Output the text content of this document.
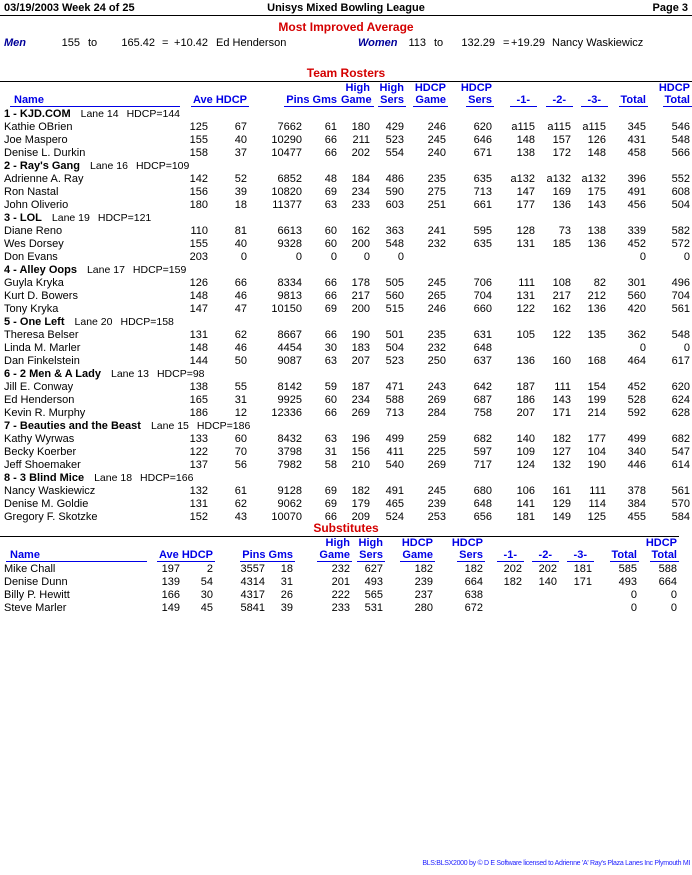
03/19/2003 Week 24 of 25	Unisys Mixed Bowling League	Page 3
Most Improved Average
Men	155 to	165.42 = +10.42 Ed Henderson	Women 113 to	132.29 = +19.29 Nancy Waskiewicz
Team Rosters
Name	Ave HDCP		Pins Gms		High
Game	High
Sers	HDCP
Game	HDCP
Sers	-1-	-2-	-3-	Total	HDCP
Total

1 - KJD.COM Lane 14 HDCP=144													
Kathie OBrien	125	67	7662	61	180	429	246	620	a115	a115	a115	345	546
Joe Maspero	155	40	10290	66	211	523	245	646	148	157	126	431	548
Denise L. Durkin	158	37	10477	66	202	554	240	671	138	172	148	458	566
2 - Ray's Gang Lane 16 HDCP=109													
Adrienne A. Ray	142	52	6852	48	184	486	235	635	a132	a132	a132	396	552
Ron Nastal	156	39	10820	69	234	590	275	713	147	169	175	491	608
John Oliverio	180	18	11377	63	233	603	251	661	177	136	143	456	504
3 - LOL Lane 19 HDCP=121													
Diane Reno	110	81	6613	60	162	363	241	595	128	73	138	339	582
Wes Dorsey	155	40	9328	60	200	548	232	635	131	185	136	452	572
Don Evans	203	0	0	0	0	0						0	0
4 - Alley Oops Lane 17 HDCP=159													
Guyla Kryka	126	66	8334	66	178	505	245	706	111	108	82	301	496
Kurt D. Bowers	148	46	9813	66	217	560	265	704	131	217	212	560	704
Tony Kryka	147	47	10150	69	200	515	246	660	122	162	136	420	561
5 - One Left Lane 20 HDCP=158													
Theresa Belser	131	62	8667	66	190	501	235	631	105	122	135	362	548
Linda M. Marler	148	46	4454	30	183	504	232	648				0	0
Dan Finkelstein	144	50	9087	63	207	523	250	637	136	160	168	464	617
6 - 2 Men & A Lady Lane 13 HDCP=98													
Jill E. Conway	138	55	8142	59	187	471	243	642	187	111	154	452	620
Ed Henderson	165	31	9925	60	234	588	269	687	186	143	199	528	624
Kevin R. Murphy	186	12	12336	66	269	713	284	758	207	171	214	592	628
7 - Beauties and the Beast Lane 15 HDCP=186													
Kathy Wyrwas	133	60	8432	63	196	499	259	682	140	182	177	499	682
Becky Koerber	122	70	3798	31	156	411	225	597	109	127	104	340	547
Jeff Shoemaker	137	56	7982	58	210	540	269	717	124	132	190	446	614
8 - 3 Blind Mice Lane 18 HDCP=166													
Nancy Waskiewicz	132	61	9128	69	182	491	245	680	106	161	111	378	561
Denise M. Goldie	131	62	9062	69	179	465	239	648	141	129	114	384	570
Gregory F. Skotzke	152	43	10070	66	209	524	253	656	181	149	125	455	584
Substitutes
Name	Ave HDCP		Pins Gms		High
Game	High
Sers	HDCP
Game	HDCP
Sers	-1-	-2-	-3-	Total	HDCP
Total

Mike Chall	197	2	3557	18	232	627	182	182	202	202	181	585	588
Denise Dunn	139	54	4314	31	201	493	239	664	182	140	171	493	664
Billy P. Hewitt	166	30	4317	26	222	565	237	638				0	0
Steve Marler	149	45	5841	39	233	531	280	672				0	0
BLS:BLSX2000 by © D E Software licensed to Adrienne 'A' Ray's Plaza Lanes Inc Plymouth MI
